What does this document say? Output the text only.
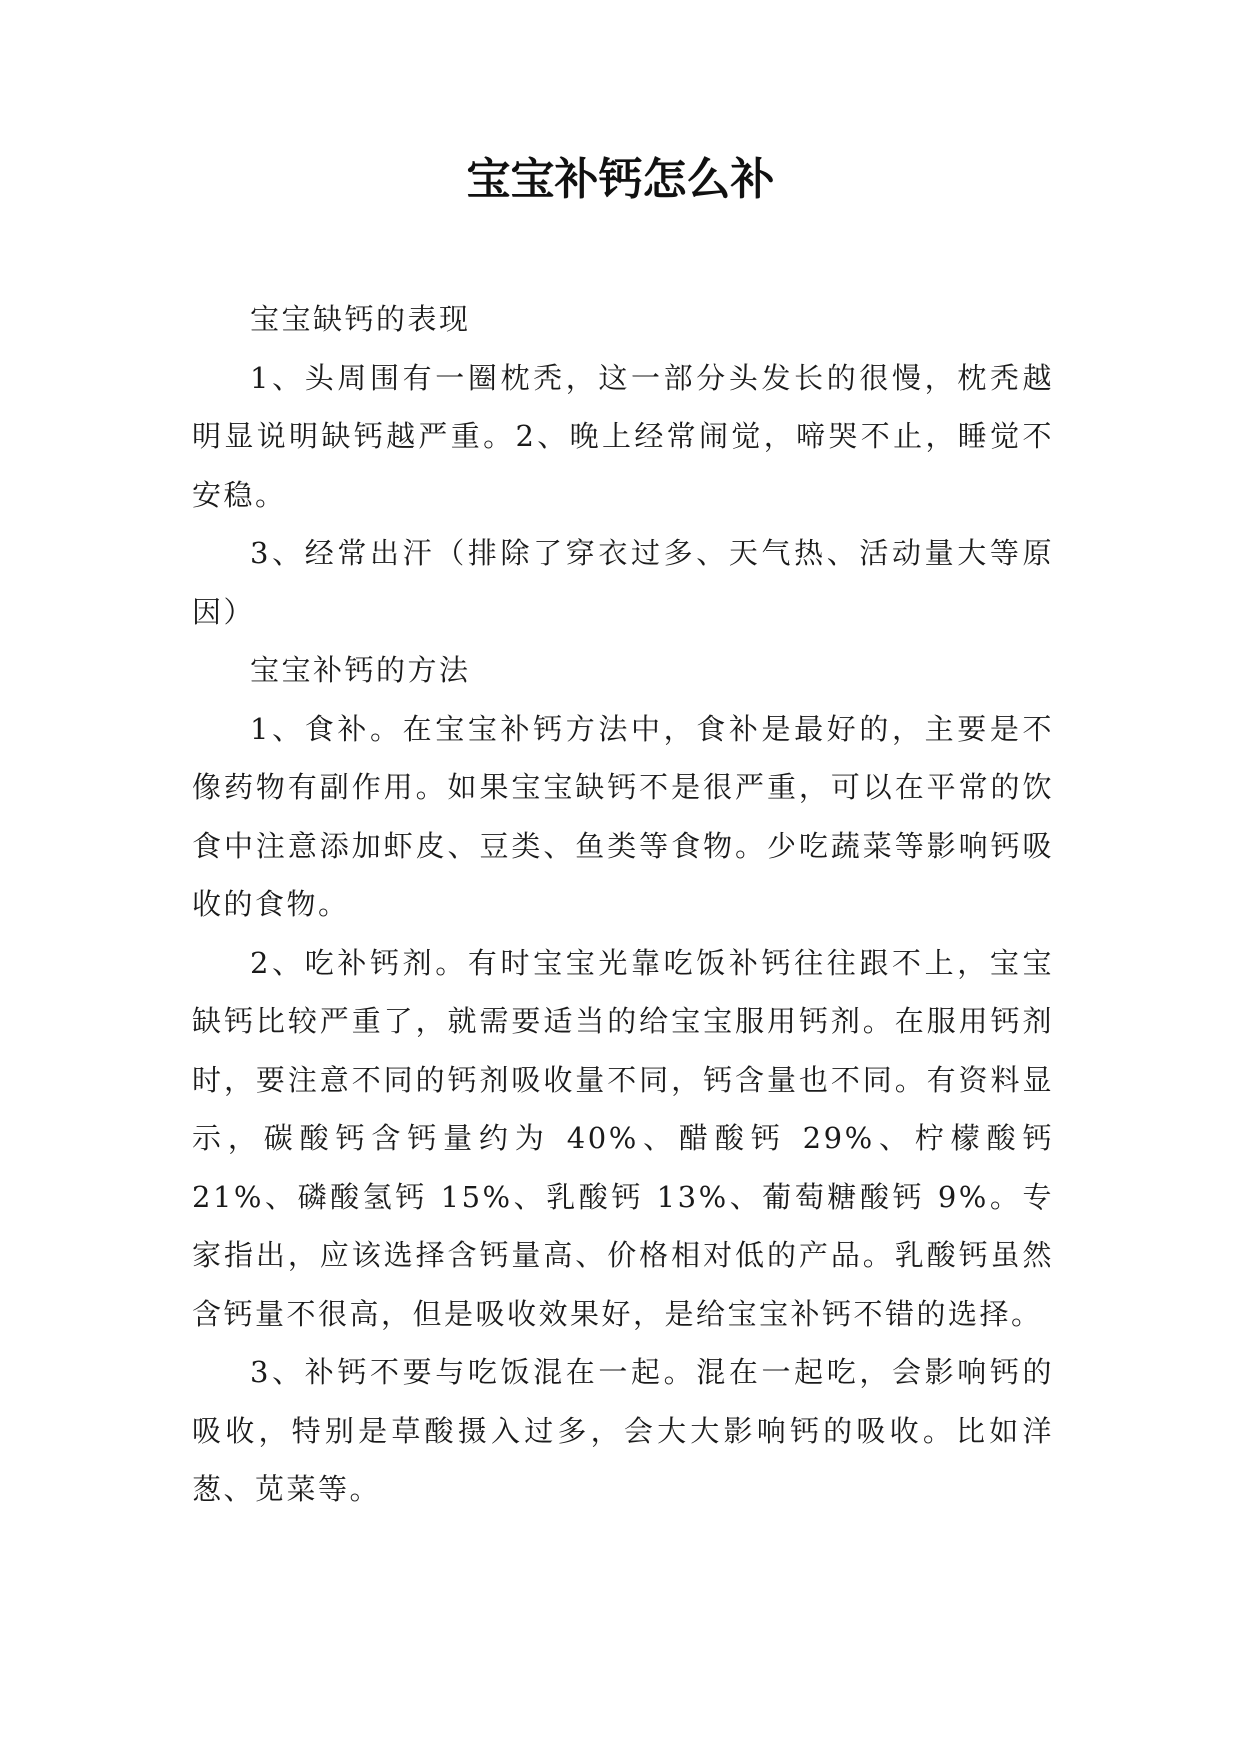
宝宝补钙怎么补

宝宝缺钙的表现

1、头周围有一圈枕秃，这一部分头发长的很慢，枕秃越明显说明缺钙越严重。2、晚上经常闹觉，啼哭不止，睡觉不安稳。

3、经常出汗（排除了穿衣过多、天气热、活动量大等原因）

宝宝补钙的方法

1、食补。在宝宝补钙方法中，食补是最好的，主要是不像药物有副作用。如果宝宝缺钙不是很严重，可以在平常的饮食中注意添加虾皮、豆类、鱼类等食物。少吃蔬菜等影响钙吸收的食物。

2、吃补钙剂。有时宝宝光靠吃饭补钙往往跟不上，宝宝缺钙比较严重了，就需要适当的给宝宝服用钙剂。在服用钙剂时，要注意不同的钙剂吸收量不同，钙含量也不同。有资料显示，碳酸钙含钙量约为 40%、醋酸钙 29%、柠檬酸钙 21%、磷酸氢钙 15%、乳酸钙 13%、葡萄糖酸钙 9%。专家指出，应该选择含钙量高、价格相对低的产品。乳酸钙虽然含钙量不很高，但是吸收效果好，是给宝宝补钙不错的选择。

3、补钙不要与吃饭混在一起。混在一起吃，会影响钙的吸收，特别是草酸摄入过多，会大大影响钙的吸收。比如洋葱、苋菜等。
